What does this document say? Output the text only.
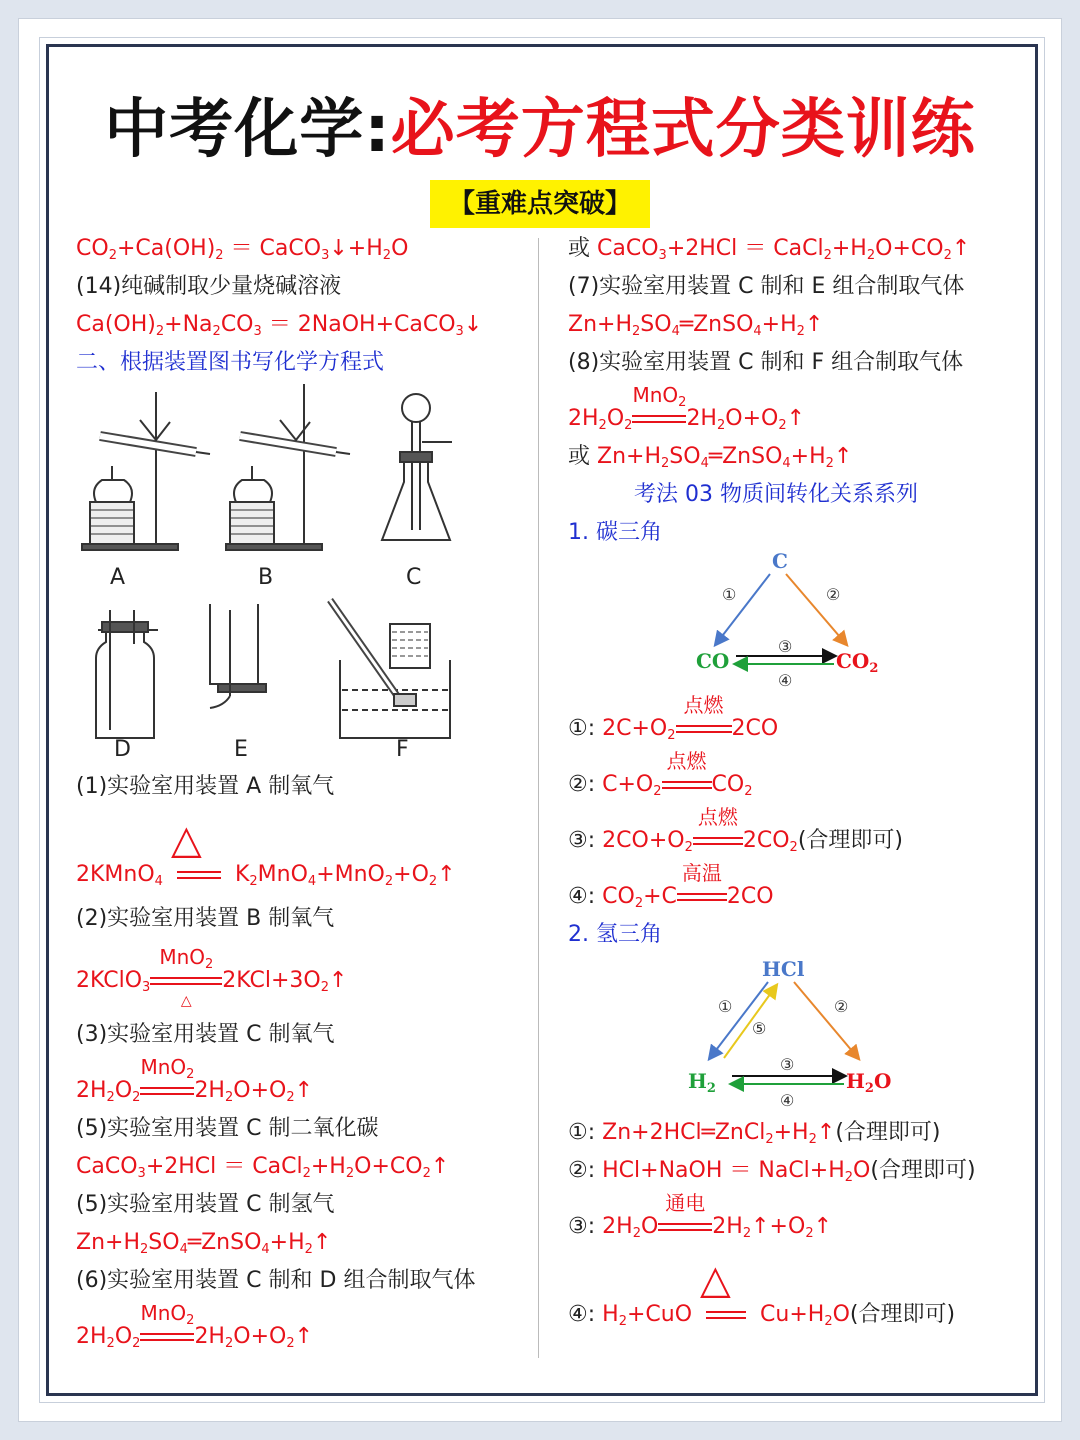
中考化学:必考方程式分类训练
【重难点突破】
$CO_2+Ca(OH)_2$ ＝ $CaCO_3↓+H_2O$
(14)纯碱制取少量烧碱溶液
$Ca(OH)_2+Na_2CO_3$ ＝ 2NaOH+CaCO$_3$↓
二、根据装置图书写化学方程式
A	B	C
D	E	F
(1)实验室用装置 A 制氧气
2KMnO$_4$
△
$K_2MnO_4+MnO_2+O_2↑$
(2)实验室用装置 B 制氧气
2KClO$_3$
MnO$_2$
△
$2KCl+3O_2↑$
(3)实验室用装置 C 制氧气
$2H_2O_2$
MnO$_2$
$2H_2O+O_2↑$
(5)实验室用装置 C 制二氧化碳
CaCO$_3$+2HCl ＝ $CaCl_2+H_2O+CO_2↑$
(5)实验室用装置 C 制氢气
$Zn+H_2SO_4═ZnSO_4+H_2↑$
(6)实验室用装置 C 制和 D 组合制取气体
$2H_2O_2$
MnO$_2$
$2H_2O+O_2↑$
或 CaCO$_3$+2HCl ＝ $CaCl_2+H_2O+CO_2↑$
(7)实验室用装置 C 制和 E 组合制取气体
$Zn+H_2SO_4═ZnSO_4+H_2↑$
(8)实验室用装置 C 制和 F 组合制取气体
$2H_2O_2$
MnO$_2$
$2H_2O+O_2↑$
或 $Zn+H_2SO_4═ZnSO_4+H_2↑$
考法 03 物质间转化关系系列
1. 碳三角
C
CO	$CO_2$
①	②
③
④
①: $2C+O_2$
点燃
2CO
②: $C+O_2$
点燃
$CO_2$
③: $2CO+O_2$
点燃
$2CO_2$(合理即可)
④: $CO_2+C$
高温
2CO
2. 氢三角
HCl
$H_2$	$H_2O$
①
⑤
②
③
④
①: $Zn+2HCl═ZnCl_2+H_2↑$(合理即可)
②: HCl+NaOH ＝ $NaCl+H_2O$(合理即可)
③: $2H_2O$
通电
$2H_2↑+O_2↑$
④: $H_2+CuO$
△
$Cu+H_2O$(合理即可)
